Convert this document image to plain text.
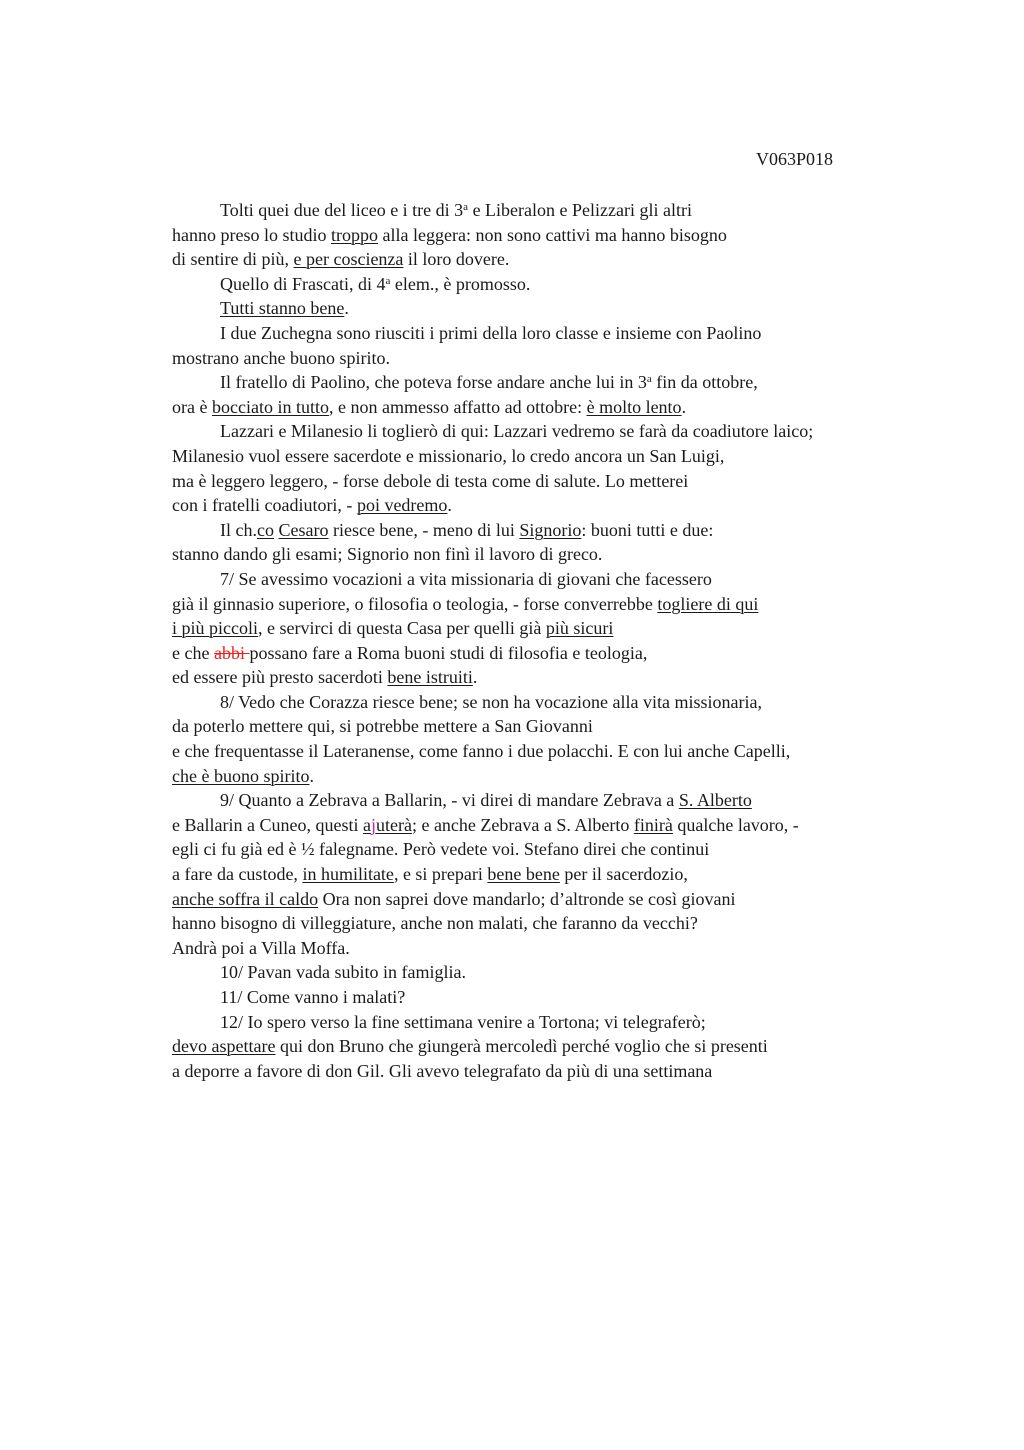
V063P018
Tolti quei due del liceo e i tre di 3$^a$ e Liberalon e Pelizzari gli altri
hanno preso lo studio troppo alla leggera: non sono cattivi ma hanno bisogno
di sentire di più, e per coscienza il loro dovere.
Quello di Frascati, di 4$^a$ elem., è promosso.
Tutti stanno bene.
I due Zuchegna sono riusciti i primi della loro classe e insieme con Paolino
mostrano anche buono spirito.
Il fratello di Paolino, che poteva forse andare anche lui in 3$^a$ fin da ottobre,
ora è bocciato in tutto, e non ammesso affatto ad ottobre: è molto lento.
Lazzari e Milanesio li toglierò di qui: Lazzari vedremo se farà da coadiutore laico;
Milanesio vuol essere sacerdote e missionario, lo credo ancora un San Luigi,
ma è leggero leggero, - forse debole di testa come di salute. Lo metterei
con i fratelli coadiutori, - poi vedremo.
Il ch.co Cesaro riesce bene, - meno di lui Signorio: buoni tutti e due:
stanno dando gli esami; Signorio non finì il lavoro di greco.
7/ Se avessimo vocazioni a vita missionaria di giovani che facessero
già il ginnasio superiore, o filosofia o teologia, - forse converrebbe togliere di qui
i più piccoli, e servirci di questa Casa per quelli già più sicuri
e che abbi possano fare a Roma buoni studi di filosofia e teologia,
ed essere più presto sacerdoti bene istruiti.
8/ Vedo che Corazza riesce bene; se non ha vocazione alla vita missionaria,
da poterlo mettere qui, si potrebbe mettere a San Giovanni
e che frequentasse il Lateranense, come fanno i due polacchi. E con lui anche Capelli,
che è buono spirito.
9/ Quanto a Zebrava a Ballarin, - vi direi di mandare Zebrava a S. Alberto
e Ballarin a Cuneo, questi ajuterà; e anche Zebrava a S. Alberto finirà qualche lavoro, -
egli ci fu già ed è ½ falegname. Però vedete voi. Stefano direi che continui
a fare da custode, in humilitate, e si prepari bene bene per il sacerdozio,
anche soffra il caldo Ora non saprei dove mandarlo; d’altronde se così giovani
hanno bisogno di villeggiature, anche non malati, che faranno da vecchi?
Andrà poi a Villa Moffa.
10/ Pavan vada subito in famiglia.
11/ Come vanno i malati?
12/ Io spero verso la fine settimana venire a Tortona; vi telegraferò;
devo aspettare qui don Bruno che giungerà mercoledì perché voglio che si presenti
a deporre a favore di don Gil. Gli avevo telegrafato da più di una settimana
